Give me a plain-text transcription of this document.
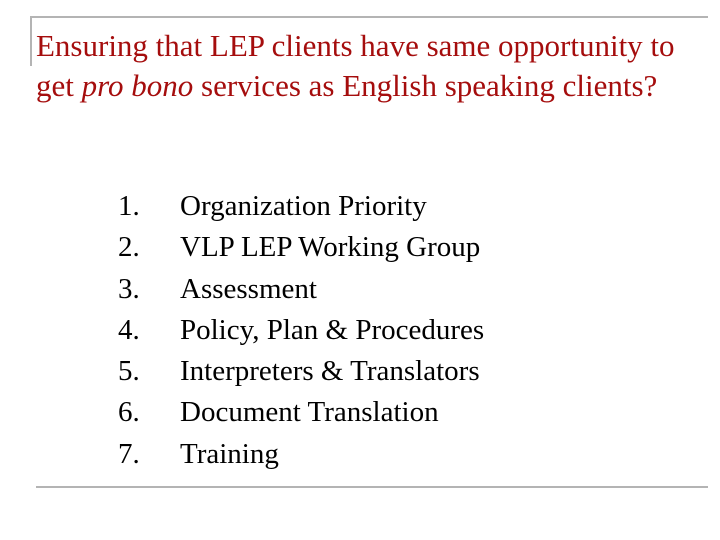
Ensuring that LEP clients have same opportunity to get pro bono services as English speaking clients?
1.	Organization Priority
2.	VLP LEP Working Group
3.	Assessment
4.	Policy, Plan & Procedures
5.	Interpreters & Translators
6.	Document Translation
7.	Training
